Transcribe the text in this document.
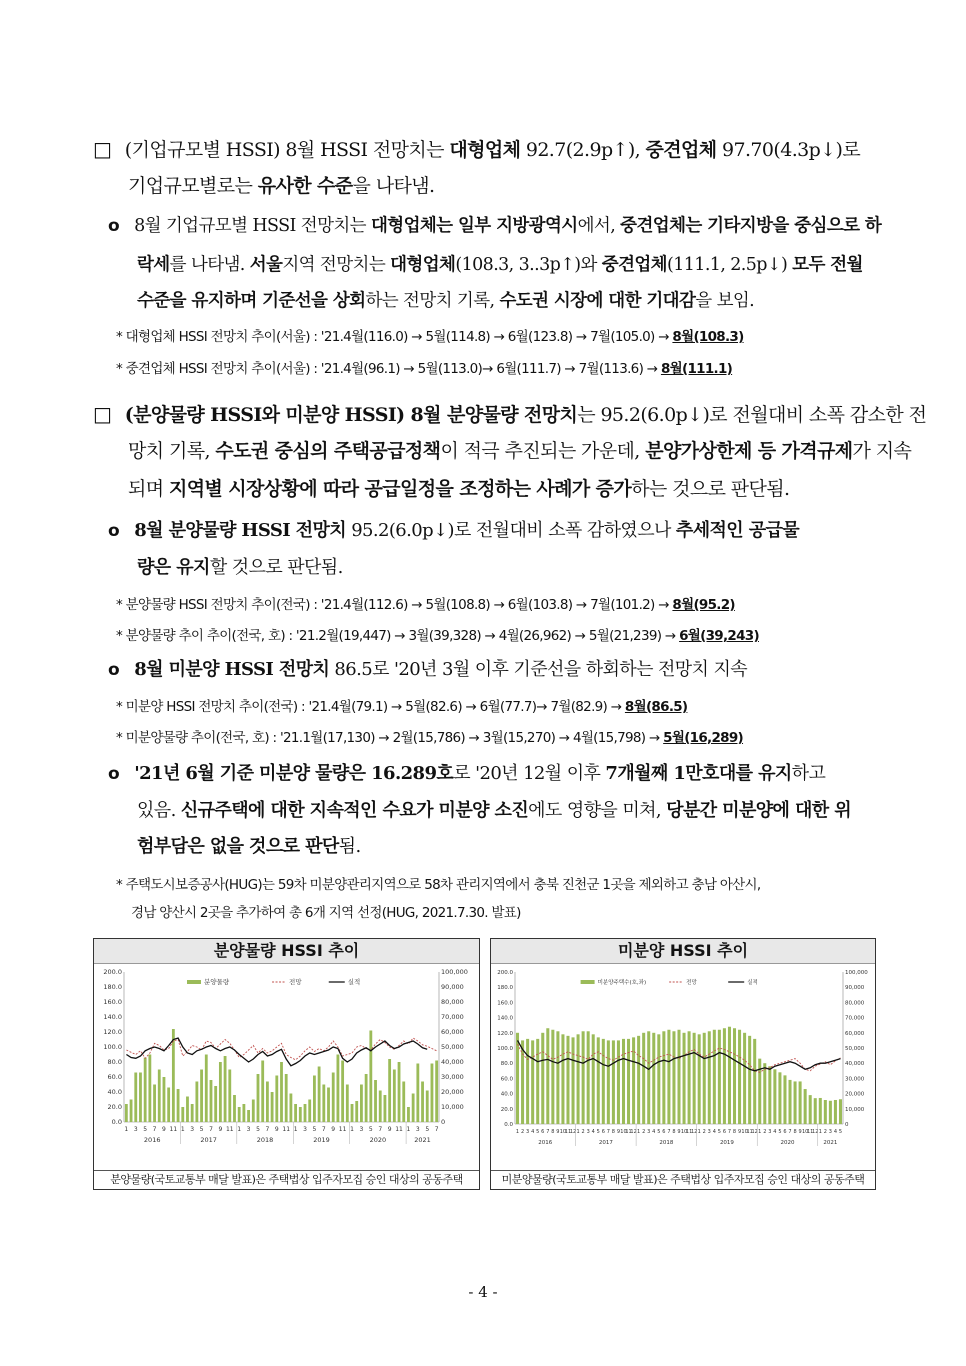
□ (기업규모별 HSSI) 8월 HSSI 전망치는 대형업체 92.7(2.9p↑), 중견업체 97.70(4.3p↓)로
기업규모별로는 유사한 수준을 나타냄.
o 8월 기업규모별 HSSI 전망치는 대형업체는 일부 지방광역시에서, 중견업체는 기타지방을 중심으로 하
락세를 나타냄. 서울지역 전망치는 대형업체(108.3, 3..3p↑)와 중견업체(111.1, 2.5p↓) 모두 전월
수준을 유지하며 기준선을 상회하는 전망치 기록, 수도권 시장에 대한 기대감을 보임.
* 대형업체 HSSI 전망치 추이(서울) : '21.4월(116.0) → 5월(114.8) → 6월(123.8) → 7월(105.0) → 8월(108.3)
* 중견업체 HSSI 전망치 추이(서울) : '21.4월(96.1) → 5월(113.0)→ 6월(111.7) → 7월(113.6) → 8월(111.1)
□ (분양물량 HSSI와 미분양 HSSI) 8월 분양물량 전망치는 95.2(6.0p↓)로 전월대비 소폭 감소한 전
망치 기록, 수도권 중심의 주택공급정책이 적극 추진되는 가운데, 분양가상한제 등 가격규제가 지속
되며 지역별 시장상황에 따라 공급일정을 조정하는 사례가 증가하는 것으로 판단됨.
o 8월 분양물량 HSSI 전망치 95.2(6.0p↓)로 전월대비 소폭 감하였으나 추세적인 공급물
량은 유지할 것으로 판단됨.
* 분양물량 HSSI 전망치 추이(전국) : '21.4월(112.6) → 5월(108.8) → 6월(103.8) → 7월(101.2) → 8월(95.2)
* 분양물량 추이 추이(전국, 호) : '21.2월(19,447) → 3월(39,328) → 4월(26,962) → 5월(21,239) → 6월(39,243)
o 8월 미분양 HSSI 전망치 86.5로 '20년 3월 이후 기준선을 하회하는 전망치 지속
* 미분양 HSSI 전망치 추이(전국) : '21.4월(79.1) → 5월(82.6) → 6월(77.7)→ 7월(82.9) → 8월(86.5)
* 미분양물량 추이(전국, 호) : '21.1월(17,130) → 2월(15,786) → 3월(15,270) → 4월(15,798) → 5월(16,289)
o '21년 6월 기준 미분양 물량은 16.289호로 '20년 12월 이후 7개월째 1만호대를 유지하고
있음. 신규주택에 대한 지속적인 수요가 미분양 소진에도 영향을 미쳐, 당분간 미분양에 대한 위
험부담은 없을 것으로 판단됨.
* 주택도시보증공사(HUG)는 59차 미분양관리지역으로 58차 관리지역에서 충북 진천군 1곳을 제외하고 충남 아산시,
경남 양산시 2곳을 추가하여 총 6개 지역 선정(HUG, 2021.7.30. 발표)
분양물량 HSSI 추이
200.0
180.0
160.0
140.0
120.0
100.0
80.0
60.0
40.0
20.0
0.0
100,000
90,000
80,000
70,000
60,000
50,000
40,000
30,000
20,000
10,000
0
분양물량	전망	실적
1 3 5 7 9 11 1 3 5 7 9 11 1 3 5 7 9 11 1 3 5 7 9 11 1 3 5 7 9 11 1 3 5 7
2016	2017	2018	2019	2020	2021
분양물량(국토교통부 매달 발표)은 주택법상 입주자모집 승인 대상의 공동주택
미분양 HSSI 추이
200.0
180.0
160.0
140.0
120.0
100.0
80.0
60.0
40.0
20.0
0.0
100,000
90,000
80,000
70,000
60,000
50,000
40,000
30,000
20,000
10,000
0
미분양주택수(호,좌)	전망	실적
1 2 3 4 5 6 7 8 9 10
11
12 1 2 3 4 5 6 7 8 9 10
11
12 1 2 3 4 5 6 7 8 9 10
11
12 1 2 3 4 5 6 7 8 9 10
11
12 1 2 3 4 5 6 7 8 9 10
11
12 1 2 3 4 5
2016	2017	2018	2019	2020	2021
미분양물량(국토교통부 매달 발표)은 주택법상 입주자모집 승인 대상의 공동주택
- 4 -
